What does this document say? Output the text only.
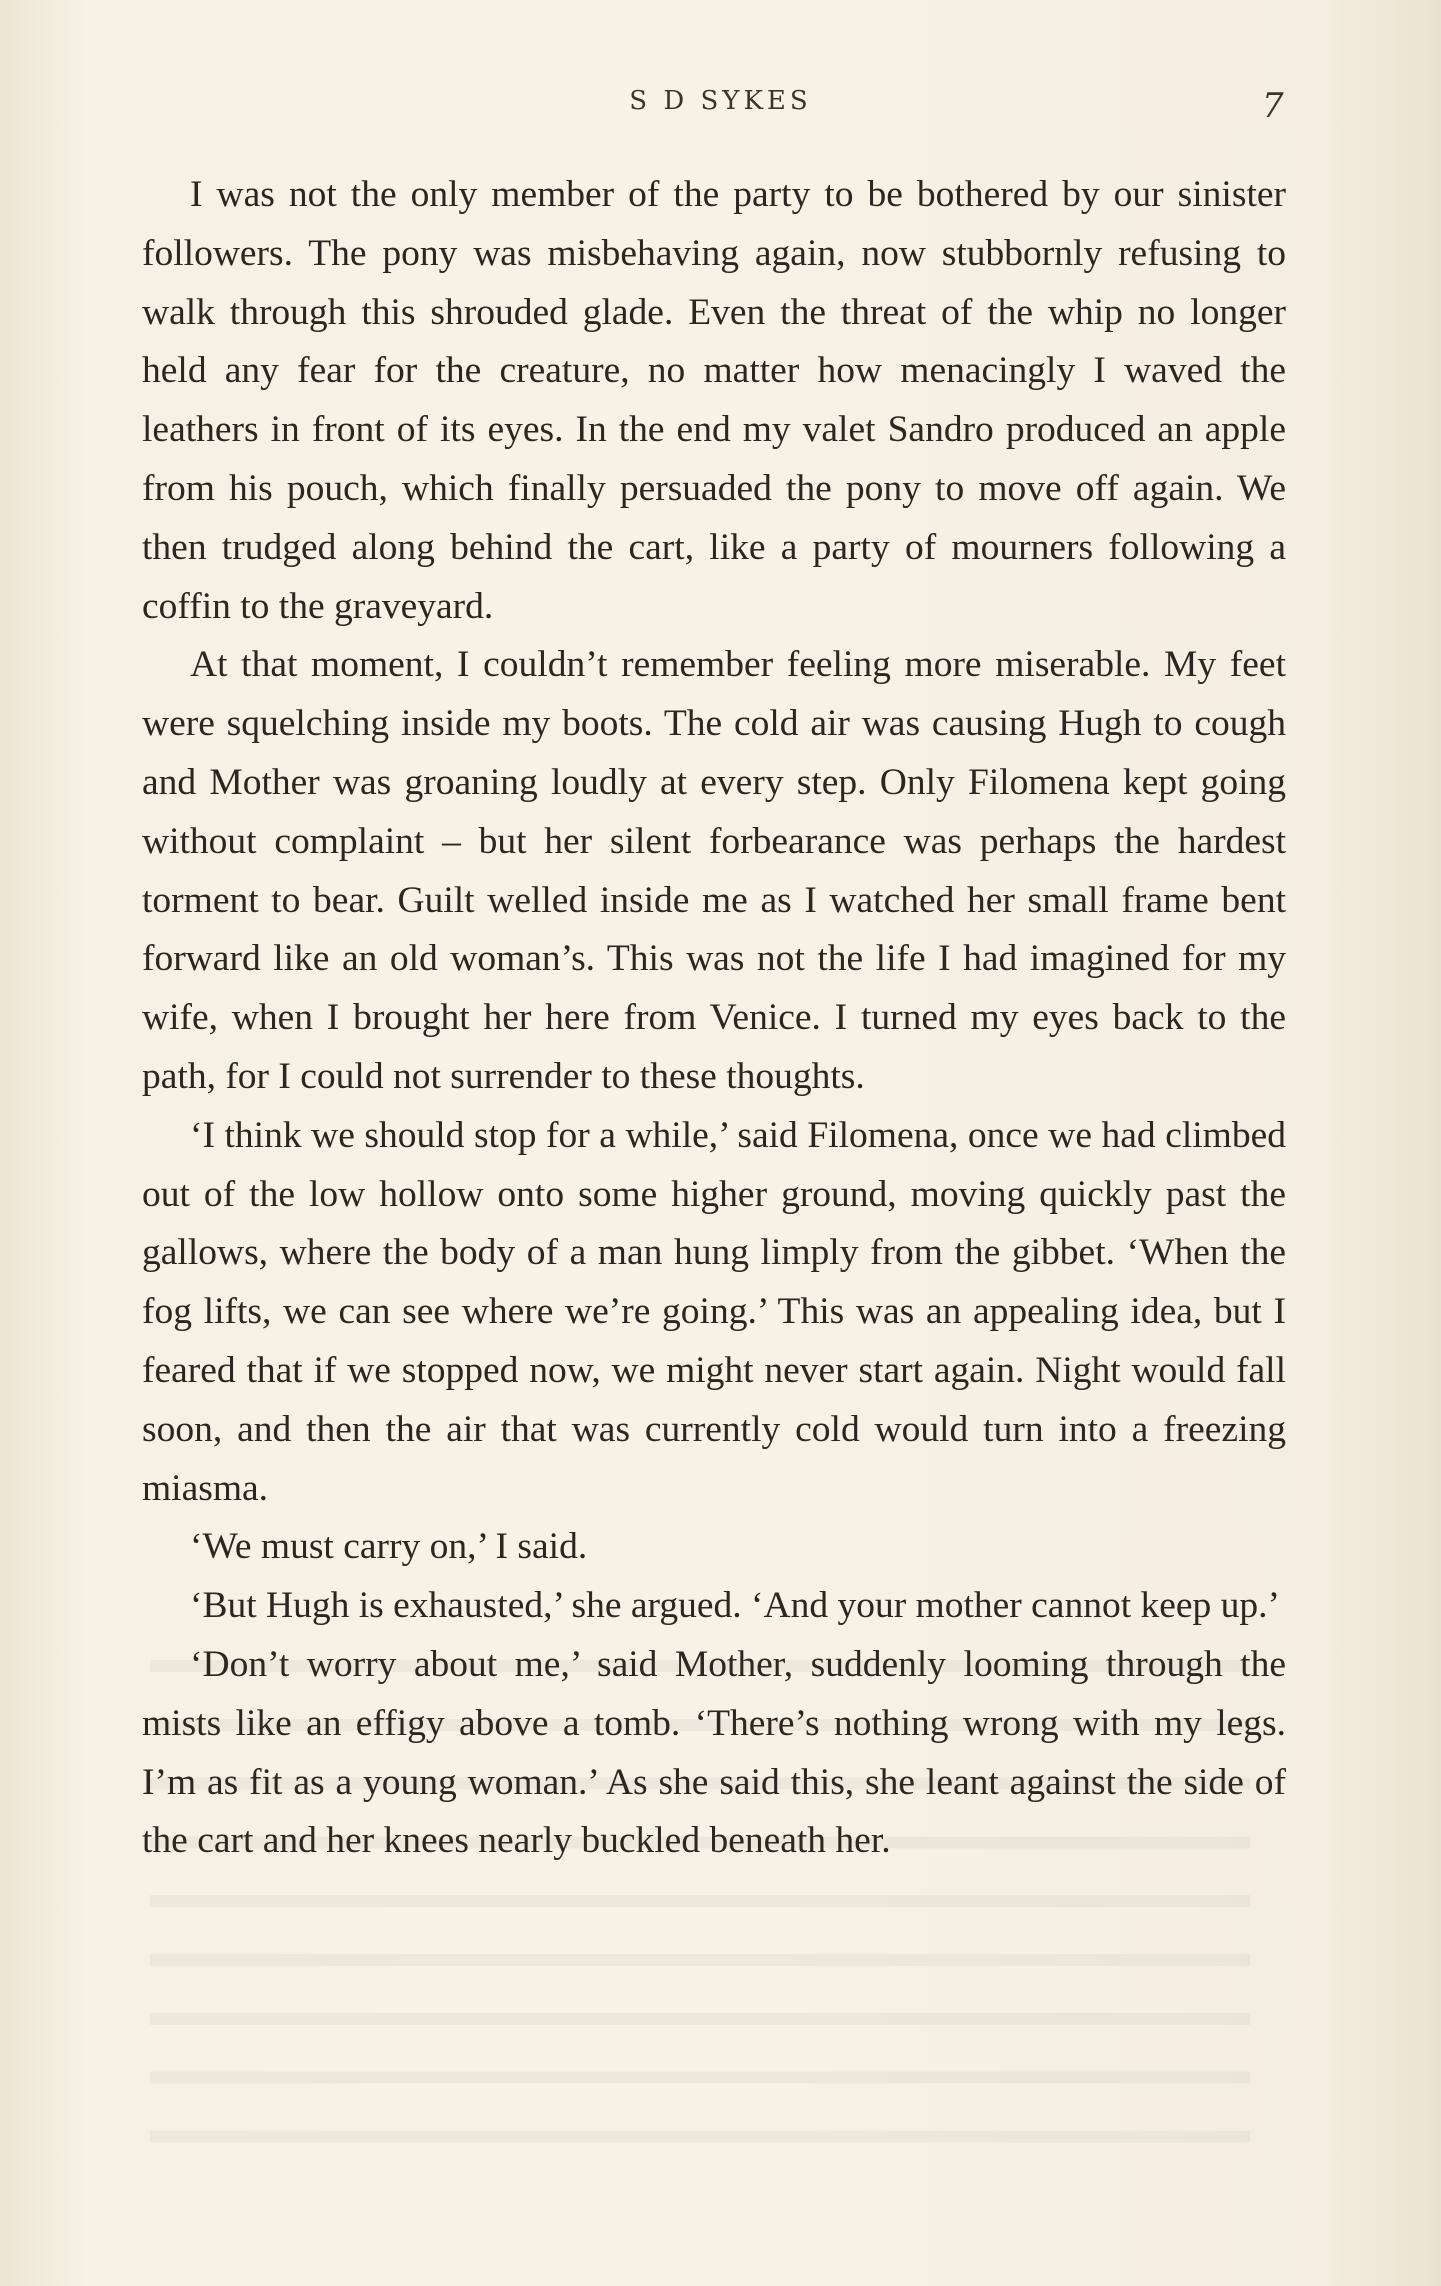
S D SYKES	7

I was not the only member of the party to be bothered by our sinister followers. The pony was misbehaving again, now stubbornly refusing to walk through this shrouded glade. Even the threat of the whip no longer held any fear for the creature, no matter how menacingly I waved the leathers in front of its eyes. In the end my valet Sandro produced an apple from his pouch, which finally persuaded the pony to move off again. We then trudged along behind the cart, like a party of mourners following a coffin to the graveyard.

At that moment, I couldn’t remember feeling more miserable. My feet were squelching inside my boots. The cold air was causing Hugh to cough and Mother was groaning loudly at every step. Only Filomena kept going without complaint – but her silent forbearance was perhaps the hardest torment to bear. Guilt welled inside me as I watched her small frame bent forward like an old woman’s. This was not the life I had imagined for my wife, when I brought her here from Venice. I turned my eyes back to the path, for I could not surrender to these thoughts.

‘I think we should stop for a while,’ said Filomena, once we had climbed out of the low hollow onto some higher ground, moving quickly past the gallows, where the body of a man hung limply from the gibbet. ‘When the fog lifts, we can see where we’re going.’ This was an appealing idea, but I feared that if we stopped now, we might never start again. Night would fall soon, and then the air that was currently cold would turn into a freezing miasma.

‘We must carry on,’ I said.

‘But Hugh is exhausted,’ she argued. ‘And your mother cannot keep up.’

‘Don’t worry about me,’ said Mother, suddenly looming through the mists like an effigy above a tomb. ‘There’s nothing wrong with my legs. I’m as fit as a young woman.’ As she said this, she leant against the side of the cart and her knees nearly buckled beneath her.
